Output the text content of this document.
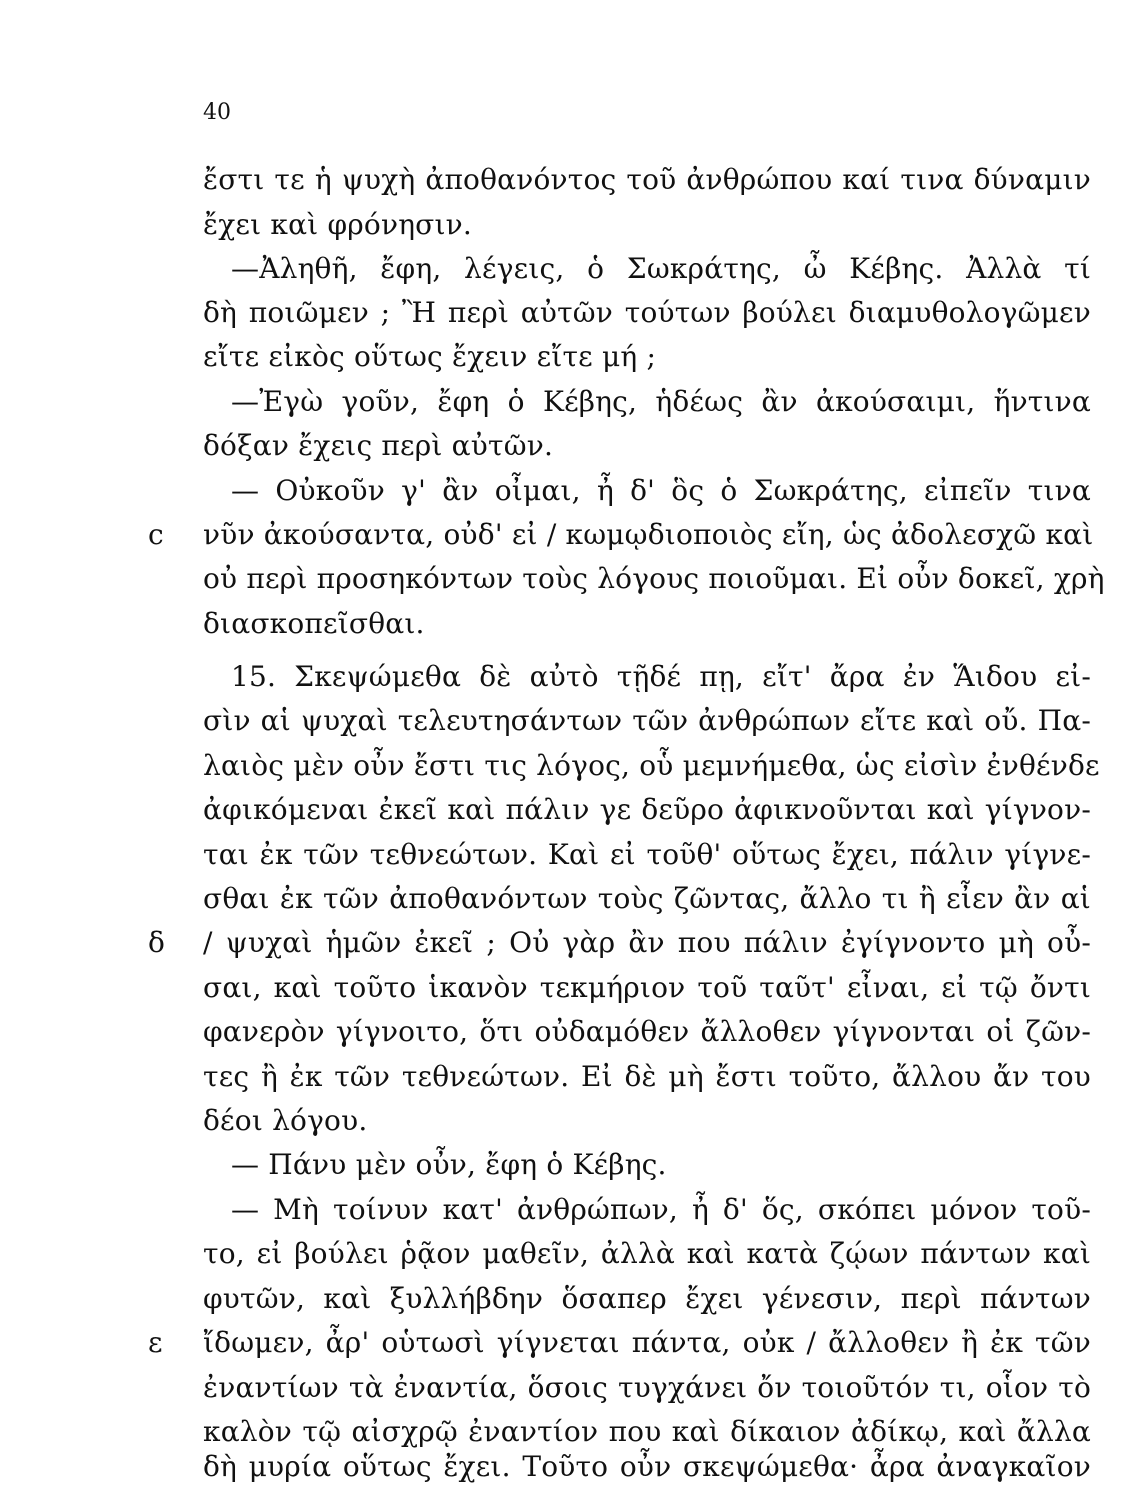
40
ἔστι τε ἡ ψυχὴ ἀποθανόντος τοῦ ἀνθρώπου καί τινα δύναμιν
ἔχει καὶ φρόνησιν.
—Ἀληθῆ, ἔφη, λέγεις, ὁ Σωκράτης, ὦ Κέβης. Ἀλλὰ τί
δὴ ποιῶμεν ; Ἢ περὶ αὐτῶν τούτων βούλει διαμυθολογῶμεν
εἴτε εἰκὸς οὕτως ἔχειν εἴτε μή ;
—Ἐγὼ γοῦν, ἔφη ὁ Κέβης, ἡδέως ἂν ἀκούσαιμι, ἥντινα
δόξαν ἔχεις περὶ αὐτῶν.
— Οὐκοῦν γ' ἂν οἶμαι, ἦ δ' ὃς ὁ Σωκράτης, εἰπεῖν τινα
νῦν ἀκούσαντα, οὐδ' εἰ / κωμῳδιοποιὸς εἴη, ὡς ἀδολεσχῶ καὶ
οὐ περὶ προσηκόντων τοὺς λόγους ποιοῦμαι. Εἰ οὖν δοκεῖ, χρὴ
διασκοπεῖσθαι.
15. Σκεψώμεθα δὲ αὐτὸ τῇδέ πῃ, εἴτ' ἄρα ἐν Ἅιδου εἰ-
σὶν αἱ ψυχαὶ τελευτησάντων τῶν ἀνθρώπων εἴτε καὶ οὔ. Πα-
λαιὸς μὲν οὖν ἔστι τις λόγος, οὗ μεμνήμεθα, ὡς εἰσὶν ἐνθένδε
ἀφικόμεναι ἐκεῖ καὶ πάλιν γε δεῦρο ἀφικνοῦνται καὶ γίγνον-
ται ἐκ τῶν τεθνεώτων. Καὶ εἰ τοῦθ' οὕτως ἔχει, πάλιν γίγνε-
σθαι ἐκ τῶν ἀποθανόντων τοὺς ζῶντας, ἄλλο τι ἢ εἶεν ἂν αἱ
/ ψυχαὶ ἡμῶν ἐκεῖ ; Οὐ γὰρ ἂν που πάλιν ἐγίγνοντο μὴ οὖ-
σαι, καὶ τοῦτο ἱκανὸν τεκμήριον τοῦ ταῦτ' εἶναι, εἰ τῷ ὄντι
φανερὸν γίγνοιτο, ὅτι οὐδαμόθεν ἄλλοθεν γίγνονται οἱ ζῶν-
τες ἢ ἐκ τῶν τεθνεώτων. Εἰ δὲ μὴ ἔστι τοῦτο, ἄλλου ἄν του
δέοι λόγου.
— Πάνυ μὲν οὖν, ἔφη ὁ Κέβης.
— Μὴ τοίνυν κατ' ἀνθρώπων, ἦ δ' ὅς, σκόπει μόνον τοῦ-
το, εἰ βούλει ῥᾷον μαθεῖν, ἀλλὰ καὶ κατὰ ζῴων πάντων καὶ
φυτῶν, καὶ ξυλλήβδην ὅσαπερ ἔχει γένεσιν, περὶ πάντων
ἴδωμεν, ἆρ' οὑτωσὶ γίγνεται πάντα, οὐκ / ἄλλοθεν ἢ ἐκ τῶν
ἐναντίων τὰ ἐναντία, ὅσοις τυγχάνει ὄν τοιοῦτόν τι, οἷον τὸ
καλὸν τῷ αἰσχρῷ ἐναντίον που καὶ δίκαιον ἀδίκῳ, καὶ ἄλλα
δὴ μυρία οὕτως ἔχει. Τοῦτο οὖν σκεψώμεθα· ἆρα ἀναγκαῖον
c
δ
ε
